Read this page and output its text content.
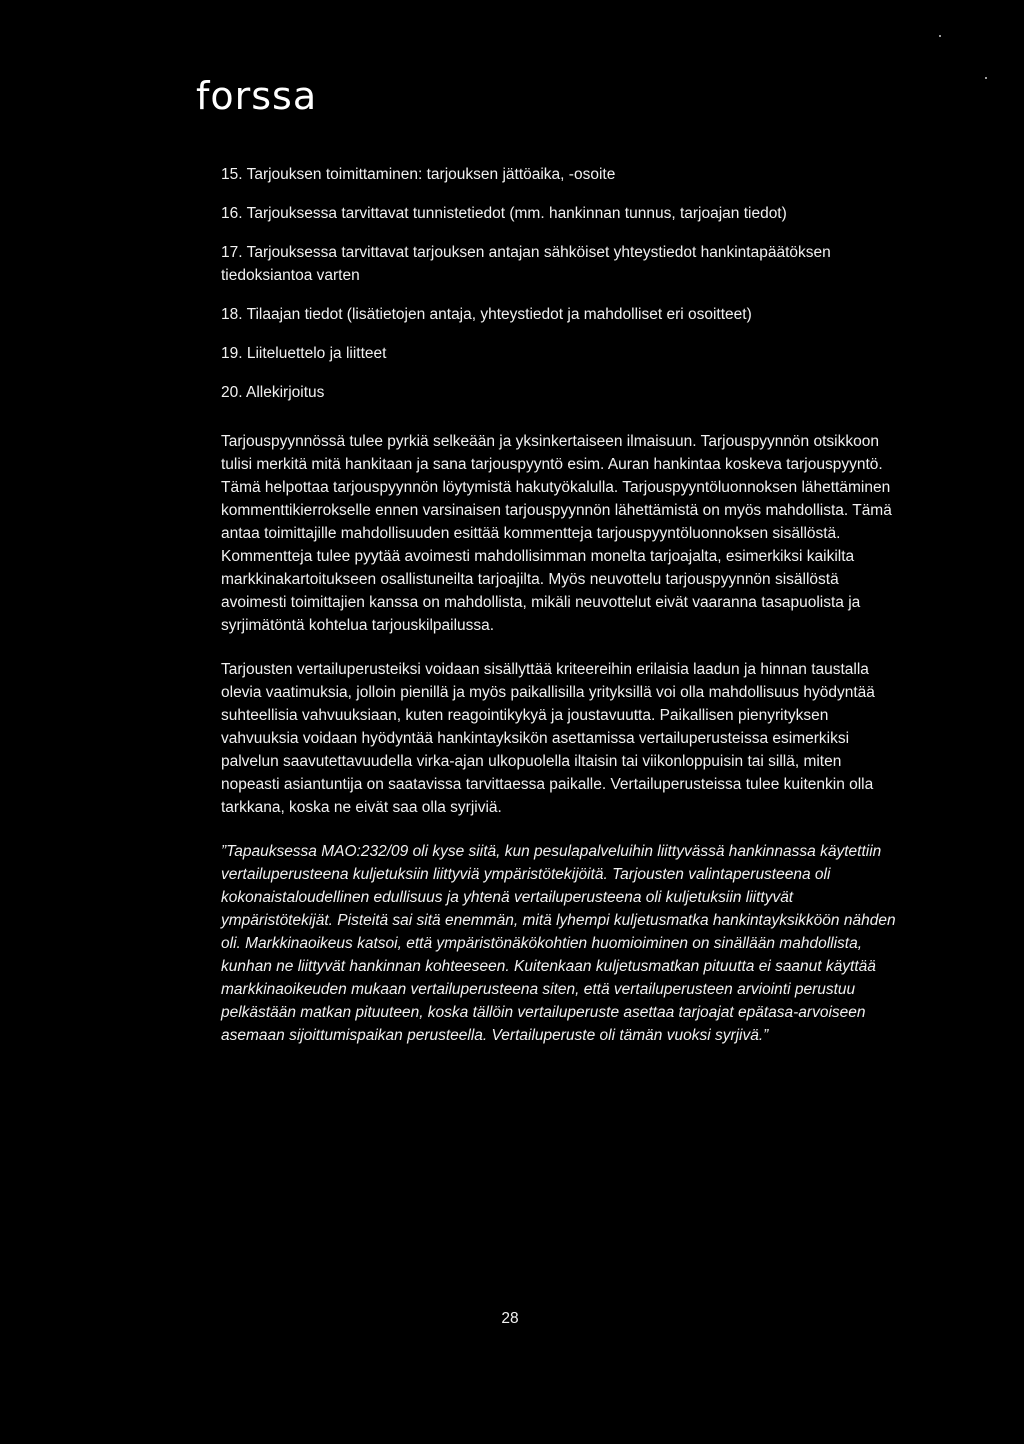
forssa
15. Tarjouksen toimittaminen: tarjouksen jättöaika, -osoite
16. Tarjouksessa tarvittavat tunnistetiedot (mm. hankinnan tunnus, tarjoajan tiedot)
17. Tarjouksessa tarvittavat tarjouksen antajan sähköiset yhteystiedot hankintapäätöksen tiedoksiantoa varten
18. Tilaajan tiedot (lisätietojen antaja, yhteystiedot ja mahdolliset eri osoitteet)
19. Liiteluettelo ja liitteet
20. Allekirjoitus

Tarjouspyynnössä tulee pyrkiä selkeään ja yksinkertaiseen ilmaisuun. Tarjouspyynnön otsikkoon tulisi merkitä mitä hankitaan ja sana tarjouspyyntö esim. Auran hankintaa koskeva tarjouspyyntö. Tämä helpottaa tarjouspyynnön löytymistä hakutyökalulla. Tarjouspyyntöluonnoksen lähettäminen kommenttikierrokselle ennen varsinaisen tarjouspyynnön lähettämistä on myös mahdollista. Tämä antaa toimittajille mahdollisuuden esittää kommentteja tarjouspyyntöluonnoksen sisällöstä. Kommentteja tulee pyytää avoimesti mahdollisimman monelta tarjoajalta, esimerkiksi kaikilta markkinakartoitukseen osallistuneilta tarjoajilta. Myös neuvottelu tarjouspyynnön sisällöstä avoimesti toimittajien kanssa on mahdollista, mikäli neuvottelut eivät vaaranna tasapuolista ja syrjimätöntä kohtelua tarjouskilpailussa.

Tarjousten vertailuperusteiksi voidaan sisällyttää kriteereihin erilaisia laadun ja hinnan taustalla olevia vaatimuksia, jolloin pienillä ja myös paikallisilla yrityksillä voi olla mahdollisuus hyödyntää suhteellisia vahvuuksiaan, kuten reagointikykyä ja joustavuutta. Paikallisen pienyrityksen vahvuuksia voidaan hyödyntää hankintayksikön asettamissa vertailuperusteissa esimerkiksi palvelun saavutettavuudella virka-ajan ulkopuolella iltaisin tai viikonloppuisin tai sillä, miten nopeasti asiantuntija on saatavissa tarvittaessa paikalle. Vertailuperusteissa tulee kuitenkin olla tarkkana, koska ne eivät saa olla syrjiviä.

”Tapauksessa MAO:232/09 oli kyse siitä, kun pesulapalveluihin liittyvässä hankinnassa käytettiin vertailuperusteena kuljetuksiin liittyviä ympäristötekijöitä. Tarjousten valintaperusteena oli kokonaistaloudellinen edullisuus ja yhtenä vertailuperusteena oli kuljetuksiin liittyvät ympäristötekijät. Pisteitä sai sitä enemmän, mitä lyhempi kuljetusmatka hankintayksikköön nähden oli. Markkinaoikeus katsoi, että ympäristönäkökohtien huomioiminen on sinällään mahdollista, kunhan ne liittyvät hankinnan kohteeseen. Kuitenkaan kuljetusmatkan pituutta ei saanut käyttää markkinaoikeuden mukaan vertailuperusteena siten, että vertailuperusteen arviointi perustuu pelkästään matkan pituuteen, koska tällöin vertailuperuste asettaa tarjoajat epätasa-arvoiseen asemaan sijoittumispaikan perusteella. Vertailuperuste oli tämän vuoksi syrjivä.”

28
